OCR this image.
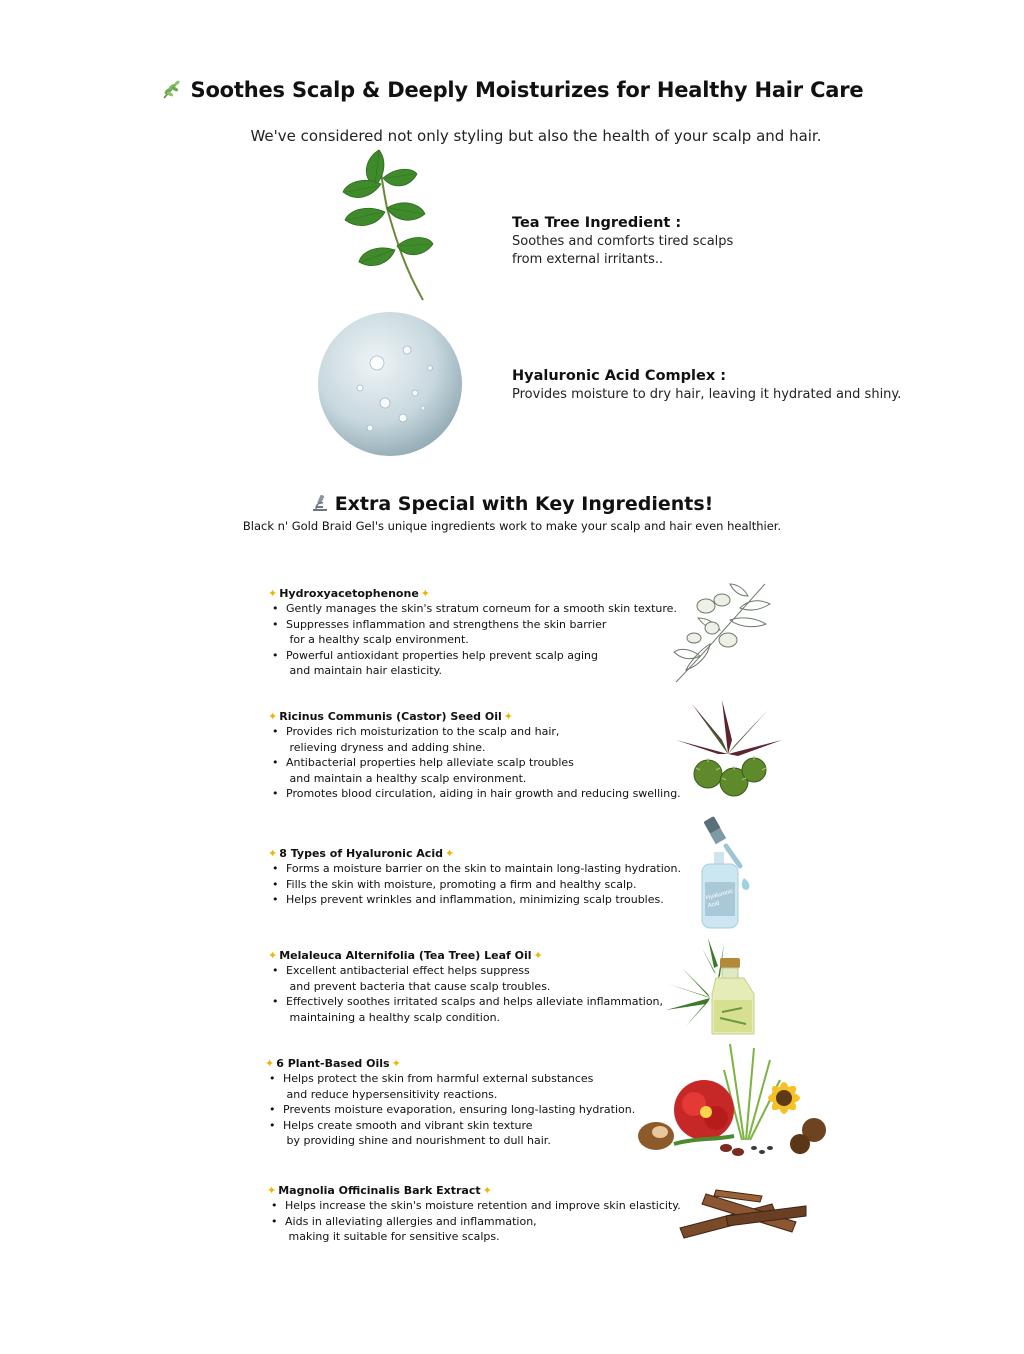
Soothes Scalp & Deeply Moisturizes for Healthy Hair Care
We've considered not only styling but also the health of your scalp and hair.
Tea Tree Ingredient :
Soothes and comforts tired scalps
from external irritants..
Hyaluronic Acid Complex :
Provides moisture to dry hair, leaving it hydrated and shiny.
Extra Special with Key Ingredients!
Black n' Gold Braid Gel's unique ingredients work to make your scalp and hair even healthier.
✦ Hydroxyacetophenone ✦
• Gently manages the skin's stratum corneum for a smooth skin texture.
• Suppresses inflammation and strengthens the skin barrier
for a healthy scalp environment.
• Powerful antioxidant properties help prevent scalp aging
and maintain hair elasticity.
✦ Ricinus Communis (Castor) Seed Oil ✦
• Provides rich moisturization to the scalp and hair,
relieving dryness and adding shine.
• Antibacterial properties help alleviate scalp troubles
and maintain a healthy scalp environment.
• Promotes blood circulation, aiding in hair growth and reducing swelling.
✦ 8 Types of Hyaluronic Acid ✦
• Forms a moisture barrier on the skin to maintain long-lasting hydration.
• Fills the skin with moisture, promoting a firm and healthy scalp.
• Helps prevent wrinkles and inflammation, minimizing scalp troubles.	Hyaluronic
Acid
✦ Melaleuca Alternifolia (Tea Tree) Leaf Oil ✦
• Excellent antibacterial effect helps suppress
and prevent bacteria that cause scalp troubles.
• Effectively soothes irritated scalps and helps alleviate inflammation,
maintaining a healthy scalp condition.
✦ 6 Plant-Based Oils ✦
• Helps protect the skin from harmful external substances
and reduce hypersensitivity reactions.
• Prevents moisture evaporation, ensuring long-lasting hydration.
• Helps create smooth and vibrant skin texture
by providing shine and nourishment to dull hair.
✦ Magnolia Officinalis Bark Extract ✦
• Helps increase the skin's moisture retention and improve skin elasticity.
• Aids in alleviating allergies and inflammation,
making it suitable for sensitive scalps.
